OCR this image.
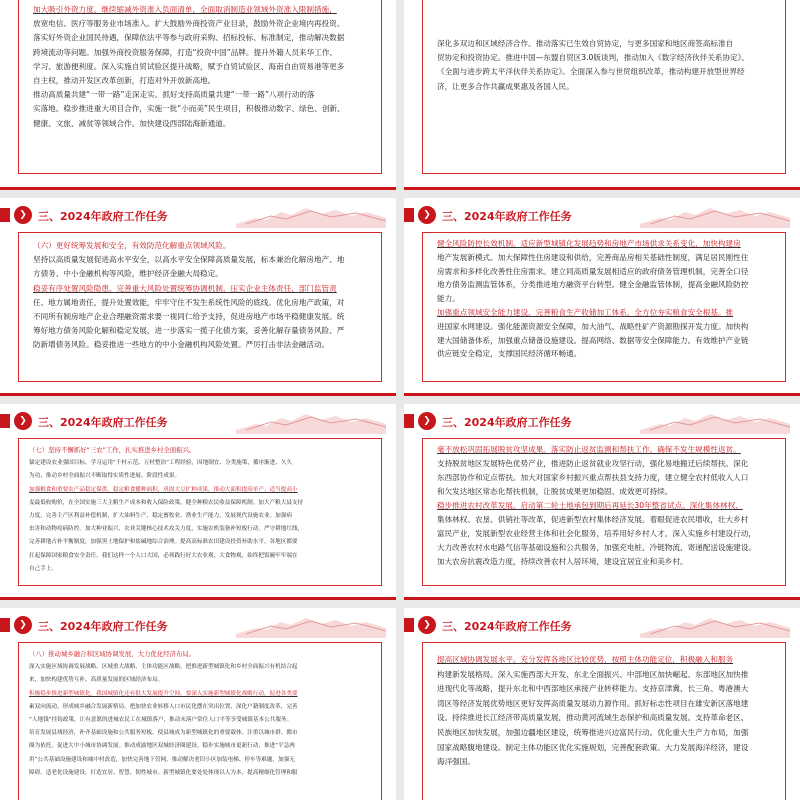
加大吸引外资力度。继续缩减外资准入负面清单，全面取消制造业领域外资准入限制措施，
放宽电信、医疗等服务业市场准入。扩大鼓励外商投资产业目录，鼓励外资企业境内再投资。
落实好外资企业国民待遇，保障依法平等参与政府采购、招标投标、标准制定，推动解决数据
跨境流动等问题。加强外商投资服务保障，打造“投资中国”品牌。提升外籍人员来华工作、
学习、旅游便利度。深入实施自贸试验区提升战略，赋予自贸试验区、海南自由贸易港等更多
自主权，推动开发区改革创新，打造对外开放新高地。
推动高质量共建“一带一路”走深走实。抓好支持高质量共建“一带一路”八项行动的落
实落地。稳步推进重大项目合作，实施一批“小而美”民生项目，积极推动数字、绿色、创新、
健康、文旅、减贫等领域合作。加快建设西部陆海新通道。
深化多双边和区域经济合作。推动落实已生效自贸协定，与更多国家和地区商签高标准自
贸协定和投资协定。推进中国—东盟自贸区3.0版谈判，推动加入《数字经济伙伴关系协定》、
《全面与进步跨太平洋伙伴关系协定》。全面深入参与世贸组织改革，推动构建开放型世界经
济，让更多合作共赢成果惠及各国人民。
❯	三、2024年政府工作任务
（六）更好统筹发展和安全，有效防范化解重点领域风险。
坚持以高质量发展促进高水平安全，以高水平安全保障高质量发展，标本兼治化解房地产、地
方债务、中小金融机构等风险，维护经济金融大局稳定。
稳妥有序处置风险隐患。完善重大风险处置统筹协调机制，压实企业主体责任、部门监管责
任、地方属地责任，提升处置效能，牢牢守住不发生系统性风险的底线。优化房地产政策，对
不同所有制房地产企业合理融资需求要一视同仁给予支持，促进房地产市场平稳健康发展。统
筹好地方债务风险化解和稳定发展，进一步落实一揽子化债方案，妥善化解存量债务风险、严
防新增债务风险。稳妥推进一些地方的中小金融机构风险处置。严厉打击非法金融活动。
❯	三、2024年政府工作任务
健全风险防控长效机制。适应新型城镇化发展趋势和房地产市场供求关系变化，加快构建房
地产发展新模式。加大保障性住房建设和供给，完善商品房相关基础性制度，满足居民刚性住
房需求和多样化改善性住房需求。建立同高质量发展相适应的政府债务管理机制，完善全口径
地方债务监测监管体系，分类推进地方融资平台转型。健全金融监管体制，提高金融风险防控
能力。
加强重点领域安全能力建设。完善粮食生产收储加工体系，全方位夯实粮食安全根基。推
进国家水网建设。强化能源资源安全保障，加大油气、战略性矿产资源勘探开发力度。加快构
建大国储备体系，加强重点储备设施建设。提高网络、数据等安全保障能力。有效维护产业链
供应链安全稳定，支撑国民经济循环畅通。
❯	三、2024年政府工作任务
（七）坚持不懈抓好“三农”工作，扎实推进乡村全面振兴。
锚定建设农业强国目标，学习运用“千村示范、万村整治”工程经验，因地制宜、分类施策，循序渐进、久久
为功，推动乡村全面振兴不断取得实质性进展、阶段性成果。
加强粮食和重要农产品稳定保供。稳定粮食播种面积，巩固大豆扩种成果，推动大面积提高单产。适当提高小
麦最低收购价，在全国实施三大主粮生产成本和收入保险政策，健全种粮农民收益保障机制。加大产粮大县支持
力度，完善主产区利益补偿机制，扩大油料生产，稳定畜牧业、渔业生产能力，发展现代设施农业。加强病
虫害和动物疫病防控。加大种业振兴、农业关键核心技术攻关力度，实施农机装备补短板行动。严守耕地红线，
完善耕地占补平衡制度，加强黑土地保护和盐碱地综合治理。提高高标准农田建设投资补助水平。各地区都要
扛起保障国家粮食安全责任。我们这样一个人口大国，必须践行好大农业观、大食物观，始终把饭碗牢牢端在
自己手上。
❯	三、2024年政府工作任务
毫不放松巩固拓展脱贫攻坚成果。落实防止返贫监测和帮扶工作，确保不发生规模性返贫。
支持脱贫地区发展特色优势产业，推进防止返贫就业攻坚行动，强化易地搬迁后续帮扶。深化
东西部协作和定点帮扶。加大对国家乡村振兴重点帮扶县支持力度，建立健全农村低收入人口
和欠发达地区常态化帮扶机制，让脱贫成果更加稳固、成效更可持续。
稳步推进农村改革发展。启动第二轮土地承包到期后再延长30年整省试点。深化集体林权、
集体林权、农垦、供销社等改革，促进新型农村集体经济发展。着眼促进农民增收，壮大乡村
富民产业，发展新型农业经营主体和社会化服务，培养用好乡村人才。深入实施乡村建设行动，
大力改善农村水电路气信等基础设施和公共服务，加强充电桩、冷链物流、寄递配送设施建设。
加大农房抗震改造力度，持续改善农村人居环境，建设宜居宜业和美乡村。
❯	三、2024年政府工作任务
（八）推动城乡融合和区域协调发展，大力优化经济布局。
深入实施区域协调发展战略、区域重大战略、主体功能区战略，把推进新型城镇化和乡村全面振兴有机结合起
来，加快构建优势互补、高质量发展的区域经济布局。
积极稳步推进新型城镇化。我国城镇化还有很大发展提升空间。要深入实施新型城镇化战略行动，促进各类要
素双向流动，形成城乡融合发展新格局。把加快农业转移人口市民化摆在突出位置，深化户籍制度改革，完善
“人地钱”挂钩政策，让有意愿的进城农民工在城镇落户，推动未落户常住人口平等享受城镇基本公共服务。
培育发展县域经济，补齐基础设施和公共服务短板，使县城成为新型城镇化的重要载体。注重以城市群、都市
圈为依托，促进大中小城市协调发展。推动成渝地区双城经济圈建设。稳步实施城市更新行动，推进“平急两
用”公共基础设施建设和城中村改造，加快完善地下管网，推动解决老旧小区加装电梯、停车等难题，加强无
障碍、适老化设施建设，打造宜居、智慧、韧性城市。新型城镇化要处处体现以人为本，提高精细化管理和服
❯	三、2024年政府工作任务
提高区域协调发展水平。充分发挥各地区比较优势，按照主体功能定位，积极融入和服务
构建新发展格局。深入实施西部大开发、东北全面振兴、中部地区加快崛起、东部地区加快推
进现代化等战略，提升东北和中西部地区承接产业转移能力。支持京津冀、长三角、粤港澳大
湾区等经济发展优势地区更好发挥高质量发展动力源作用。抓好标志性项目在雄安新区落地建
设。持续推进长江经济带高质量发展，推动黄河流域生态保护和高质量发展。支持革命老区、
民族地区加快发展，加强边疆地区建设，统筹推进兴边富民行动。优化重大生产力布局，加强
国家战略腹地建设。制定主体功能区优化实施规划，完善配套政策。大力发展海洋经济，建设
海洋强国。
